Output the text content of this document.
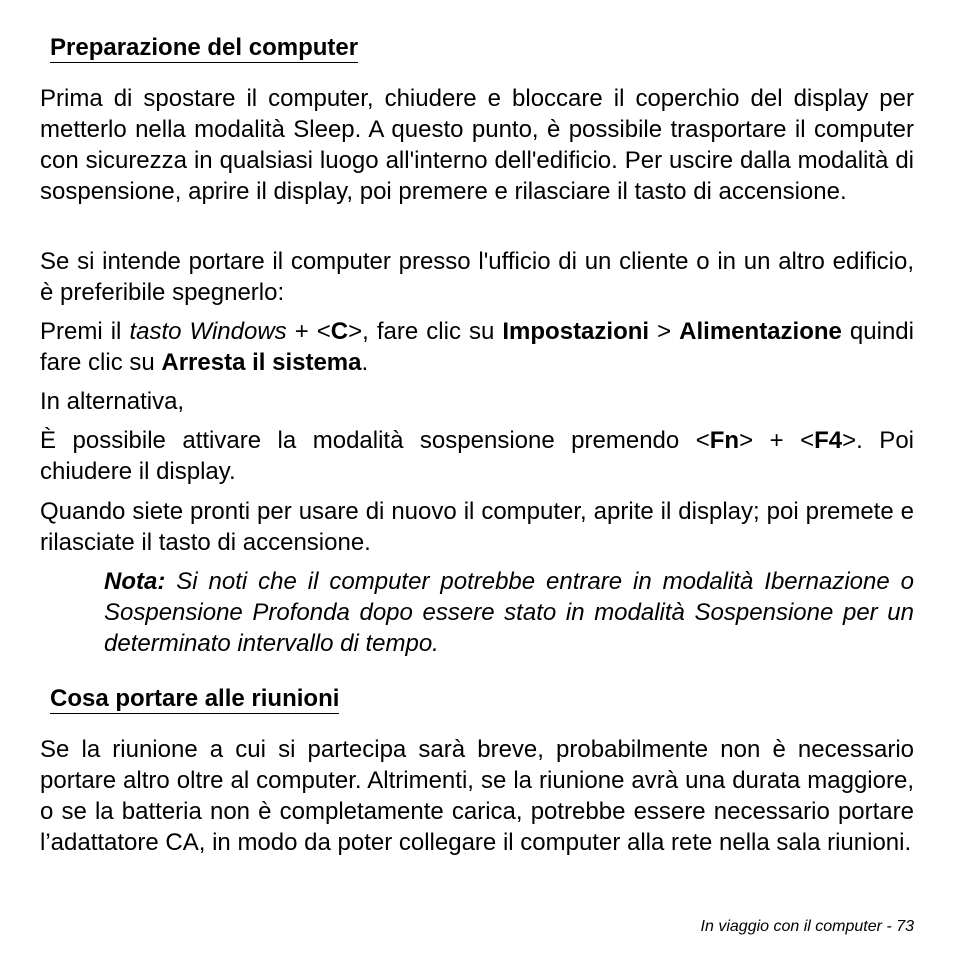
Preparazione del computer

Prima di spostare il computer, chiudere e bloccare il coperchio del display per metterlo nella modalità Sleep. A questo punto, è possibile trasportare il computer con sicurezza in qualsiasi luogo all'interno dell'edificio. Per uscire dalla modalità di sospensione, aprire il display, poi premere e rilasciare il tasto di accensione.

Se si intende portare il computer presso l'ufficio di un cliente o in un altro edificio, è preferibile spegnerlo:

Premi il tasto Windows + <C>, fare clic su Impostazioni > Alimentazione quindi fare clic su Arresta il sistema.

In alternativa,

È possibile attivare la modalità sospensione premendo <Fn> + <F4>. Poi chiudere il display.

Quando siete pronti per usare di nuovo il computer, aprite il display; poi premete e rilasciate il tasto di accensione.

Nota: Si noti che il computer potrebbe entrare in modalità Ibernazione o Sospensione Profonda dopo essere stato in modalità Sospensione per un determinato intervallo di tempo.

Cosa portare alle riunioni

Se la riunione a cui si partecipa sarà breve, probabilmente non è necessario portare altro oltre al computer. Altrimenti, se la riunione avrà una durata maggiore, o se la batteria non è completamente carica, potrebbe essere necessario portare l’adattatore CA, in modo da poter collegare il computer alla rete nella sala riunioni.

In viaggio con il computer - 73
